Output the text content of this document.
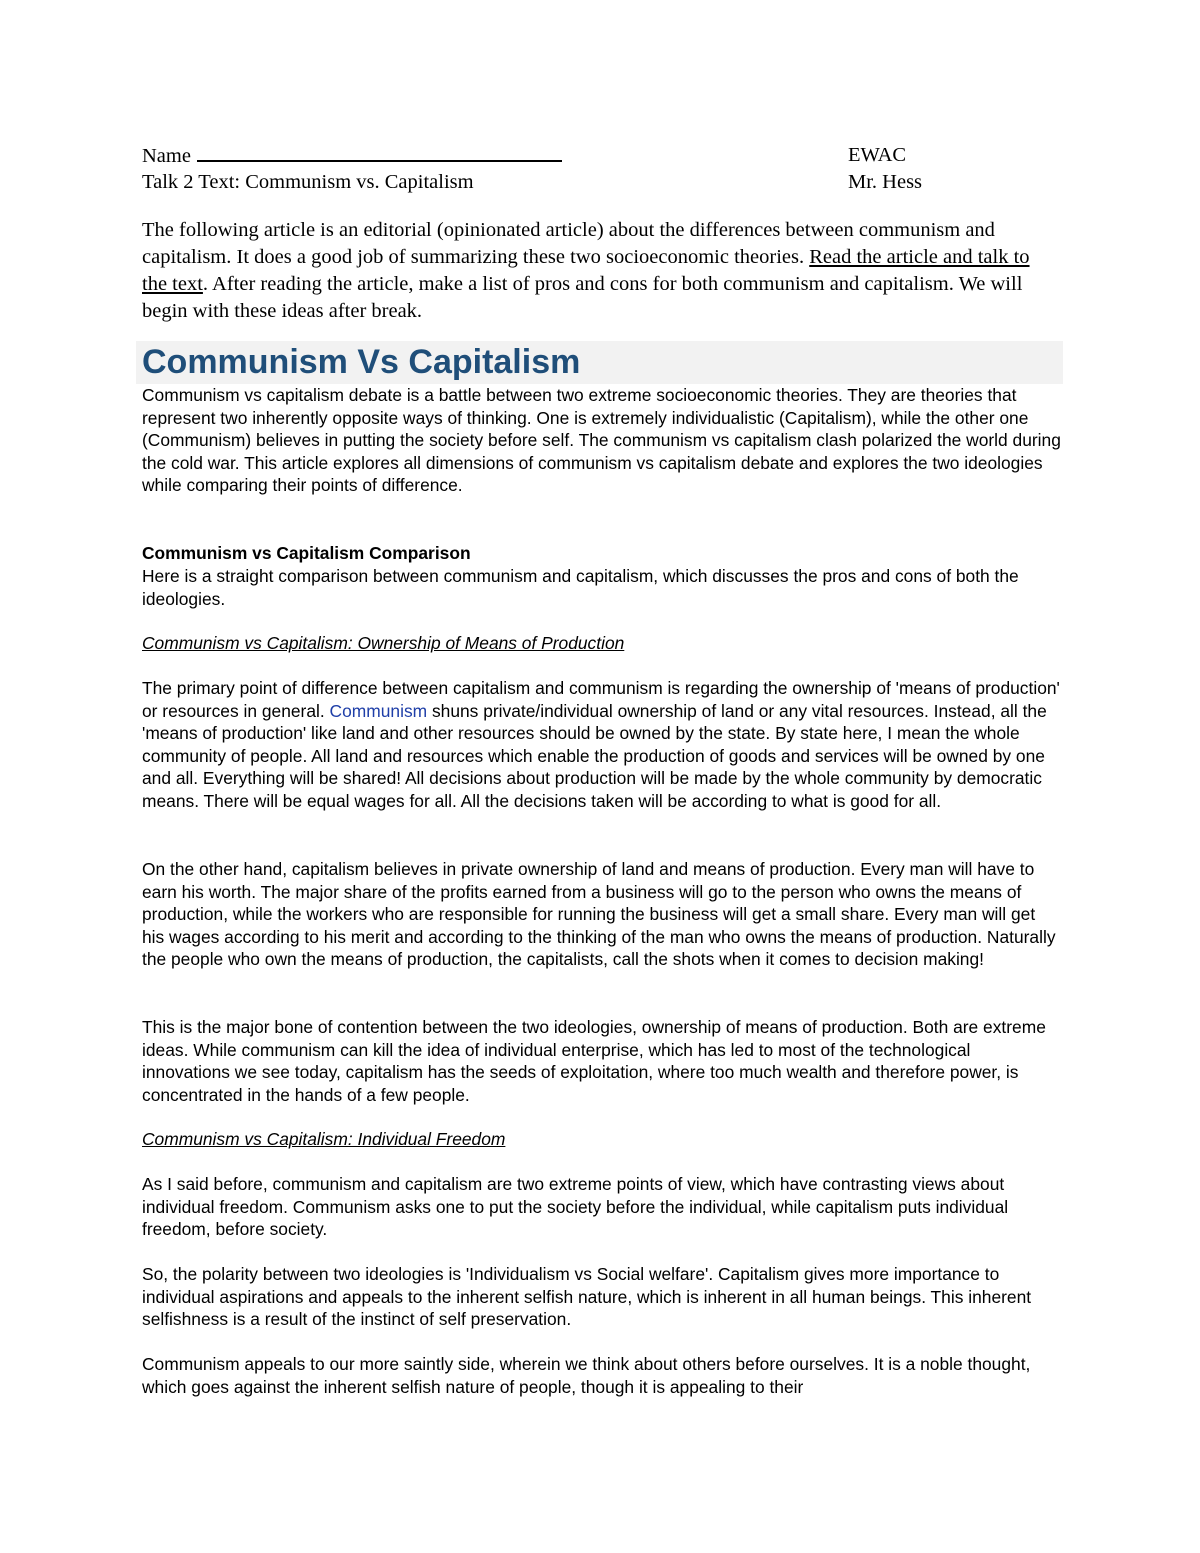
Name	EWAC
Talk 2 Text: Communism vs. Capitalism	Mr. Hess

The following article is an editorial (opinionated article) about the differences between communism and capitalism. It does a good job of summarizing these two socioeconomic theories. Read the article and talk to the text. After reading the article, make a list of pros and cons for both communism and capitalism. We will begin with these ideas after break.

Communism Vs Capitalism

Communism vs capitalism debate is a battle between two extreme socioeconomic theories. They are theories that represent two inherently opposite ways of thinking. One is extremely individualistic (Capitalism), while the other one (Communism) believes in putting the society before self. The communism vs capitalism clash polarized the world during the cold war. This article explores all dimensions of communism vs capitalism debate and explores the two ideologies while comparing their points of difference.

Communism vs Capitalism Comparison

Here is a straight comparison between communism and capitalism, which discusses the pros and cons of both the ideologies.

Communism vs Capitalism: Ownership of Means of Production

The primary point of difference between capitalism and communism is regarding the ownership of 'means of production' or resources in general. Communism shuns private/individual ownership of land or any vital resources. Instead, all the 'means of production' like land and other resources should be owned by the state. By state here, I mean the whole community of people. All land and resources which enable the production of goods and services will be owned by one and all. Everything will be shared! All decisions about production will be made by the whole community by democratic means. There will be equal wages for all. All the decisions taken will be according to what is good for all.

On the other hand, capitalism believes in private ownership of land and means of production. Every man will have to earn his worth. The major share of the profits earned from a business will go to the person who owns the means of production, while the workers who are responsible for running the business will get a small share. Every man will get his wages according to his merit and according to the thinking of the man who owns the means of production. Naturally the people who own the means of production, the capitalists, call the shots when it comes to decision making!

This is the major bone of contention between the two ideologies, ownership of means of production. Both are extreme ideas. While communism can kill the idea of individual enterprise, which has led to most of the technological innovations we see today, capitalism has the seeds of exploitation, where too much wealth and therefore power, is concentrated in the hands of a few people.

Communism vs Capitalism: Individual Freedom

As I said before, communism and capitalism are two extreme points of view, which have contrasting views about individual freedom. Communism asks one to put the society before the individual, while capitalism puts individual freedom, before society.

So, the polarity between two ideologies is 'Individualism vs Social welfare'. Capitalism gives more importance to individual aspirations and appeals to the inherent selfish nature, which is inherent in all human beings. This inherent selfishness is a result of the instinct of self preservation.

Communism appeals to our more saintly side, wherein we think about others before ourselves. It is a noble thought, which goes against the inherent selfish nature of people, though it is appealing to their
